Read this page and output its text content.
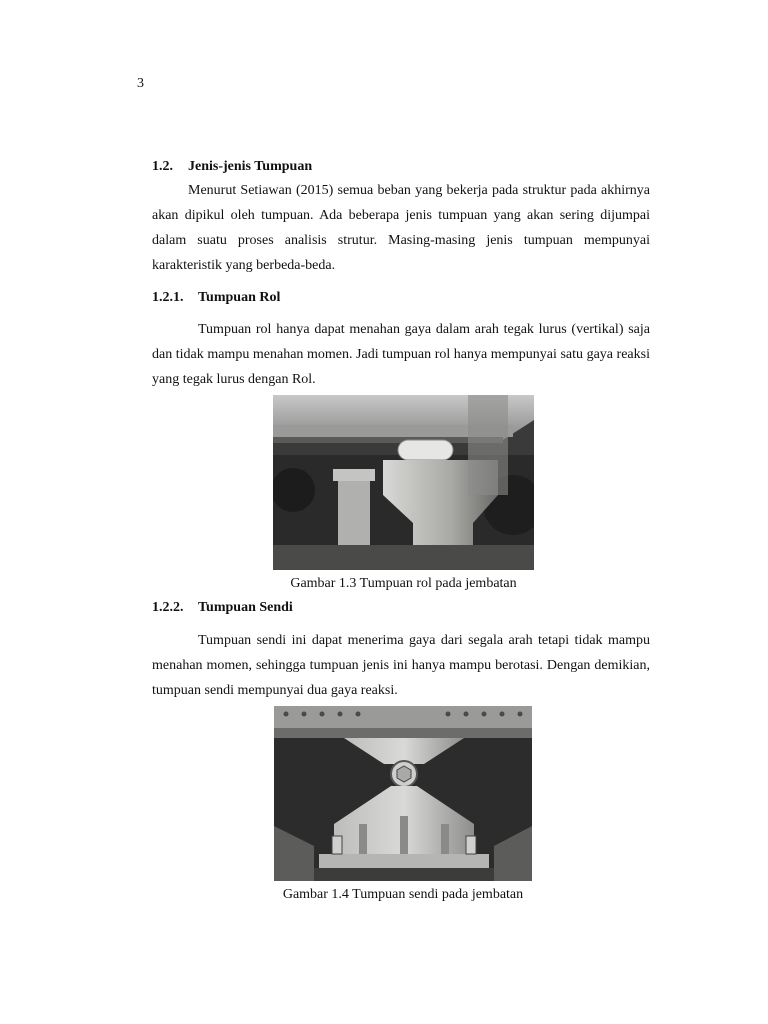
3
1.2. Jenis-jenis Tumpuan

Menurut Setiawan (2015) semua beban yang bekerja pada struktur pada akhirnya akan dipikul oleh tumpuan. Ada beberapa jenis tumpuan yang akan sering dijumpai dalam suatu proses analisis strutur. Masing-masing jenis tumpuan mempunyai karakteristik yang berbeda-beda.

1.2.1. Tumpuan Rol

Tumpuan rol hanya dapat menahan gaya dalam arah tegak lurus (vertikal) saja dan tidak mampu menahan momen. Jadi tumpuan rol hanya mempunyai satu gaya reaksi yang tegak lurus dengan Rol.

Gambar 1.3 Tumpuan rol pada jembatan
1.2.2. Tumpuan Sendi

Tumpuan sendi ini dapat menerima gaya dari segala arah tetapi tidak mampu menahan momen, sehingga tumpuan jenis ini hanya mampu berotasi. Dengan demikian, tumpuan sendi mempunyai dua gaya reaksi.

Gambar 1.4 Tumpuan sendi pada jembatan
